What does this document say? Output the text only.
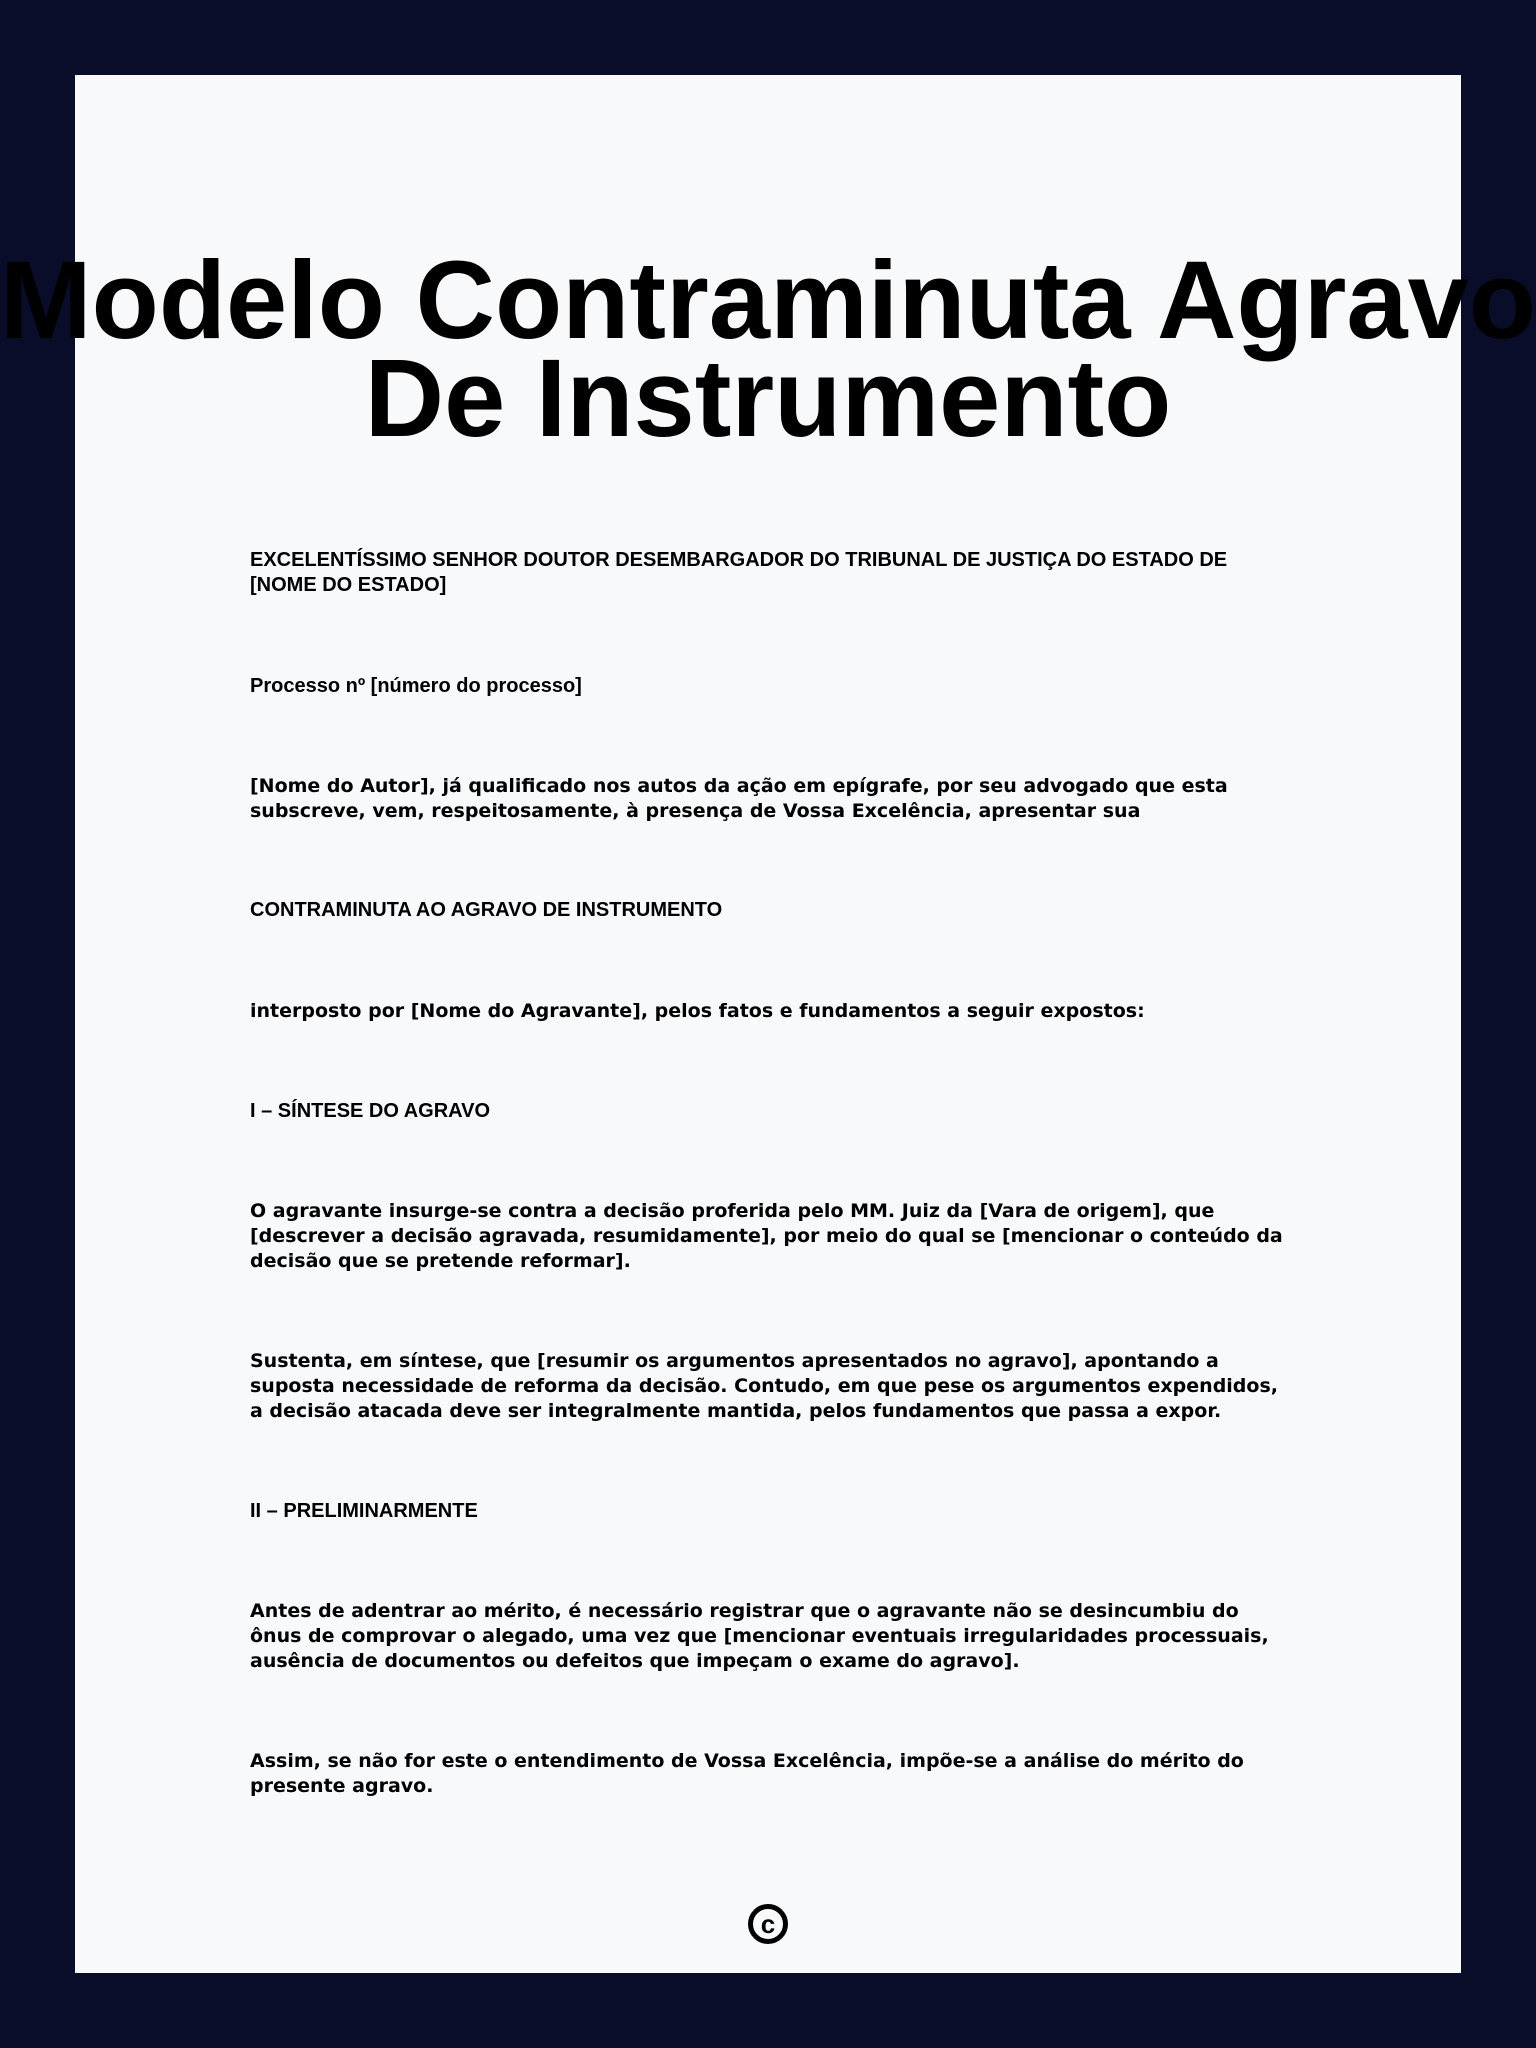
Modelo Contraminuta Agravo De Instrumento

EXCELENTÍSSIMO SENHOR DOUTOR DESEMBARGADOR DO TRIBUNAL DE JUSTIÇA DO ESTADO DE [NOME DO ESTADO]

Processo nº [número do processo]

[Nome do Autor], já qualificado nos autos da ação em epígrafe, por seu advogado que esta subscreve, vem, respeitosamente, à presença de Vossa Excelência, apresentar sua

CONTRAMINUTA AO AGRAVO DE INSTRUMENTO

interposto por [Nome do Agravante], pelos fatos e fundamentos a seguir expostos:

I – SÍNTESE DO AGRAVO

O agravante insurge-se contra a decisão proferida pelo MM. Juiz da [Vara de origem], que [descrever a decisão agravada, resumidamente], por meio do qual se [mencionar o conteúdo da decisão que se pretende reformar].

Sustenta, em síntese, que [resumir os argumentos apresentados no agravo], apontando a suposta necessidade de reforma da decisão. Contudo, em que pese os argumentos expendidos, a decisão atacada deve ser integralmente mantida, pelos fundamentos que passa a expor.

II – PRELIMINARMENTE

Antes de adentrar ao mérito, é necessário registrar que o agravante não se desincumbiu do ônus de comprovar o alegado, uma vez que [mencionar eventuais irregularidades processuais, ausência de documentos ou defeitos que impeçam o exame do agravo].

Assim, se não for este o entendimento de Vossa Excelência, impõe-se a análise do mérito do presente agravo.

c
